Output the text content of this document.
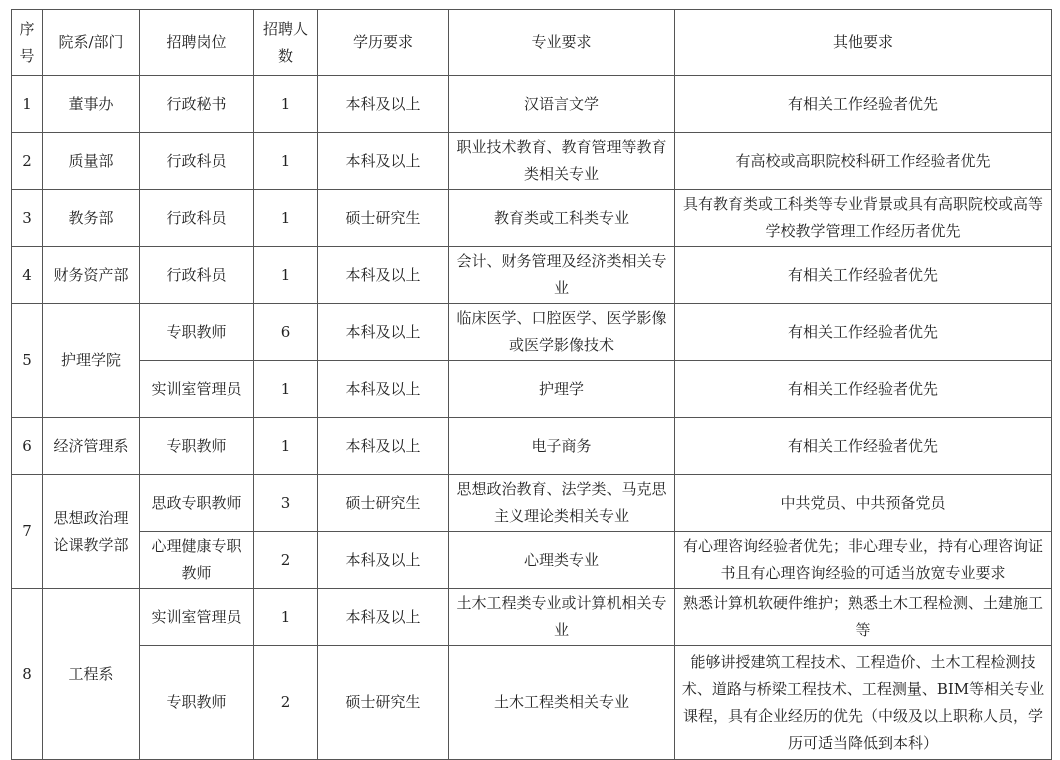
序号	院系/部门	招聘岗位	招聘人数	学历要求	专业要求	其他要求
1	董事办	行政秘书	1	本科及以上	汉语言文学	有相关工作经验者优先
2	质量部	行政科员	1	本科及以上	职业技术教育、教育管理等教育类相关专业	有高校或高职院校科研工作经验者优先
3	教务部	行政科员	1	硕士研究生	教育类或工科类专业	具有教育类或工科类等专业背景或具有高职院校或高等学校教学管理工作经历者优先
4	财务资产部	行政科员	1	本科及以上	会计、财务管理及经济类相关专业	有相关工作经验者优先
5	护理学院	专职教师	6	本科及以上	临床医学、口腔医学、医学影像或医学影像技术	有相关工作经验者优先
		实训室管理员	1	本科及以上	护理学	有相关工作经验者优先
6	经济管理系	专职教师	1	本科及以上	电子商务	有相关工作经验者优先
7	思想政治理论课教学部	思政专职教师	3	硕士研究生	思想政治教育、法学类、马克思主义理论类相关专业	中共党员、中共预备党员
		心理健康专职教师	2	本科及以上	心理类专业	有心理咨询经验者优先；非心理专业，持有心理咨询证书且有心理咨询经验的可适当放宽专业要求
8	工程系	实训室管理员	1	本科及以上	土木工程类专业或计算机相关专业	熟悉计算机软硬件维护；熟悉土木工程检测、土建施工等
		专职教师	2	硕士研究生	土木工程类相关专业	能够讲授建筑工程技术、工程造价、土木工程检测技术、道路与桥梁工程技术、工程测量、BIM等相关专业课程，具有企业经历的优先（中级及以上职称人员，学历可适当降低到本科）
